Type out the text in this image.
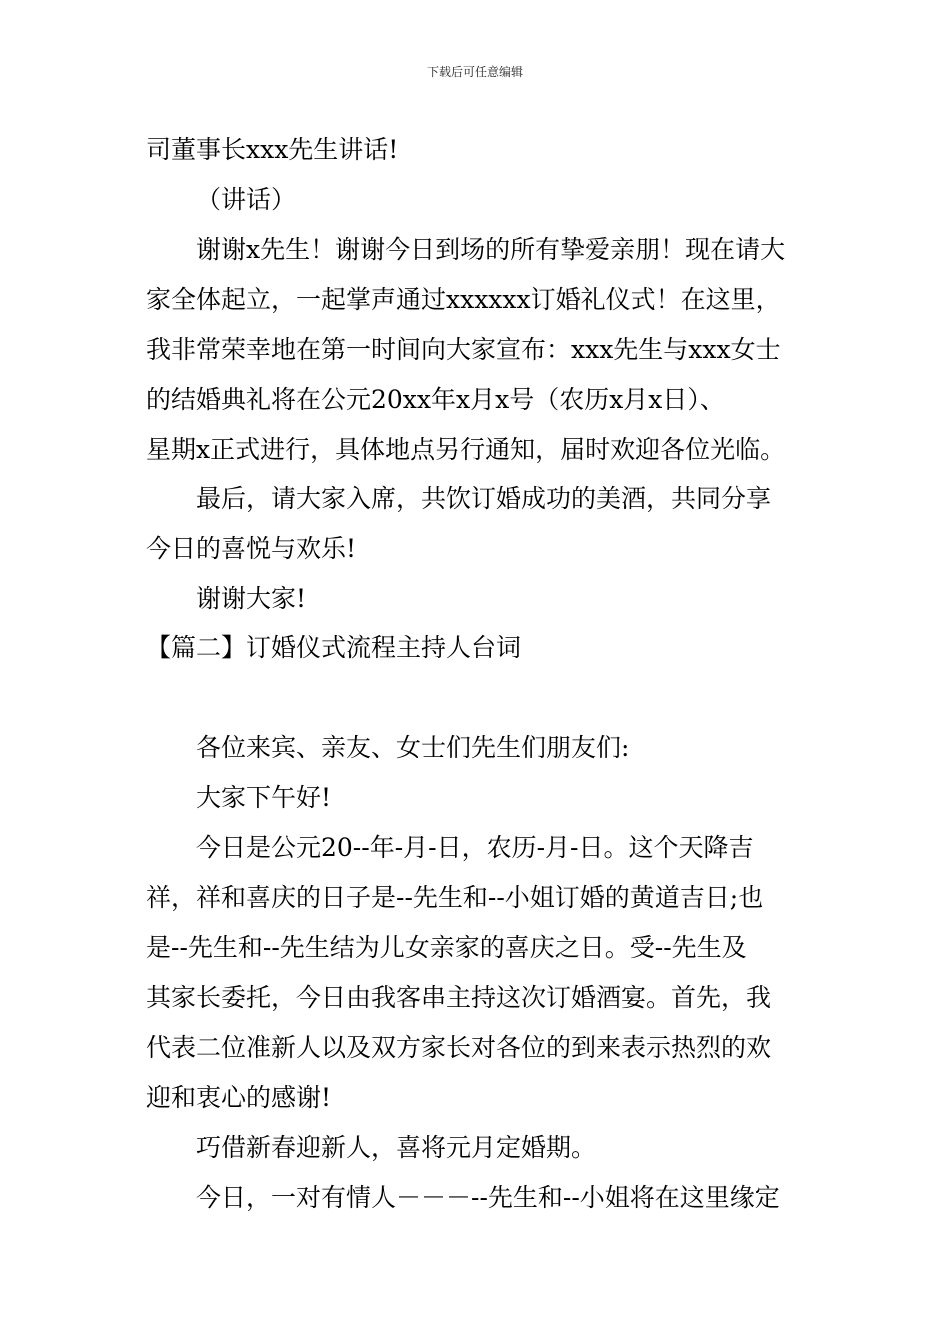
下载后可任意编辑
司董事长xxx先生讲话!
（讲话）
谢谢x先生！谢谢今日到场的所有挚爱亲朋！现在请大
家全体起立，一起掌声通过xxxxxx订婚礼仪式！在这里，
我非常荣幸地在第一时间向大家宣布：xxx先生与xxx女士
的结婚典礼将在公元20xx年x月x号（农历x月x日）、
星期x正式进行，具体地点另行通知，届时欢迎各位光临。
最后，请大家入席，共饮订婚成功的美酒，共同分享
今日的喜悦与欢乐!
谢谢大家!
【篇二】订婚仪式流程主持人台词
各位来宾、亲友、女士们先生们朋友们:
大家下午好!
今日是公元20--年-月-日，农历-月-日。这个天降吉
祥，祥和喜庆的日子是--先生和--小姐订婚的黄道吉日;也
是--先生和--先生结为儿女亲家的喜庆之日。受--先生及
其家长委托，今日由我客串主持这次订婚酒宴。首先，我
代表二位准新人以及双方家长对各位的到来表示热烈的欢
迎和衷心的感谢!
巧借新春迎新人，喜将元月定婚期。
今日，一对有情人－－－--先生和--小姐将在这里缘定
